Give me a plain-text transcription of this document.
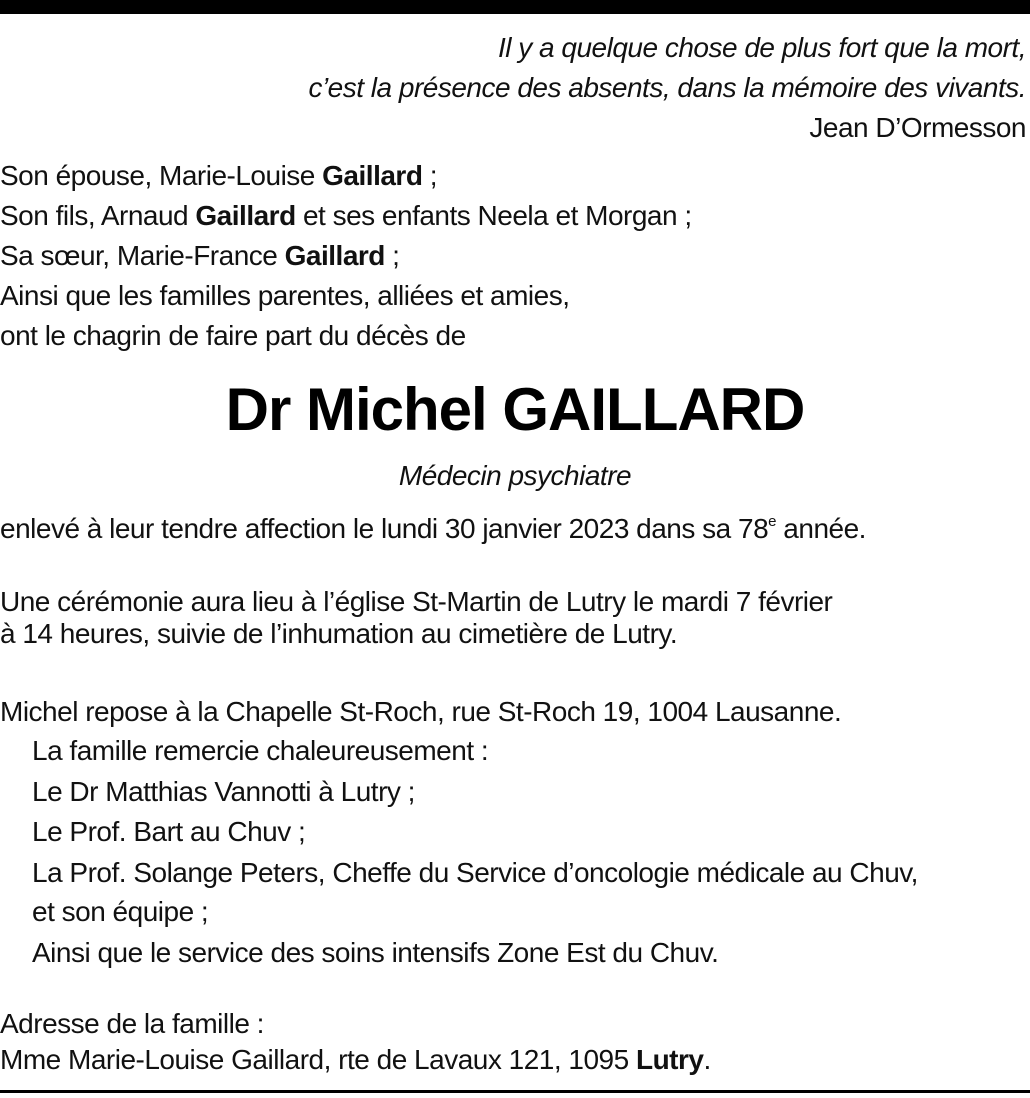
Il y a quelque chose de plus fort que la mort,
c’est la présence des absents, dans la mémoire des vivants.
Jean D’Ormesson
Son épouse, Marie-Louise Gaillard ;
Son fils, Arnaud Gaillard et ses enfants Neela et Morgan ;
Sa sœur, Marie-France Gaillard ;
Ainsi que les familles parentes, alliées et amies,
ont le chagrin de faire part du décès de
Dr Michel GAILLARD
Médecin psychiatre
enlevé à leur tendre affection le lundi 30 janvier 2023 dans sa 78e année.
Une cérémonie aura lieu à l’église St-Martin de Lutry le mardi 7 février
à 14 heures, suivie de l’inhumation au cimetière de Lutry.
Michel repose à la Chapelle St-Roch, rue St-Roch 19, 1004 Lausanne.
La famille remercie chaleureusement :
Le Dr Matthias Vannotti à Lutry ;
Le Prof. Bart au Chuv ;
La Prof. Solange Peters, Cheffe du Service d’oncologie médicale au Chuv,
et son équipe ;
Ainsi que le service des soins intensifs Zone Est du Chuv.
Adresse de la famille :
Mme Marie-Louise Gaillard, rte de Lavaux 121, 1095 Lutry.
